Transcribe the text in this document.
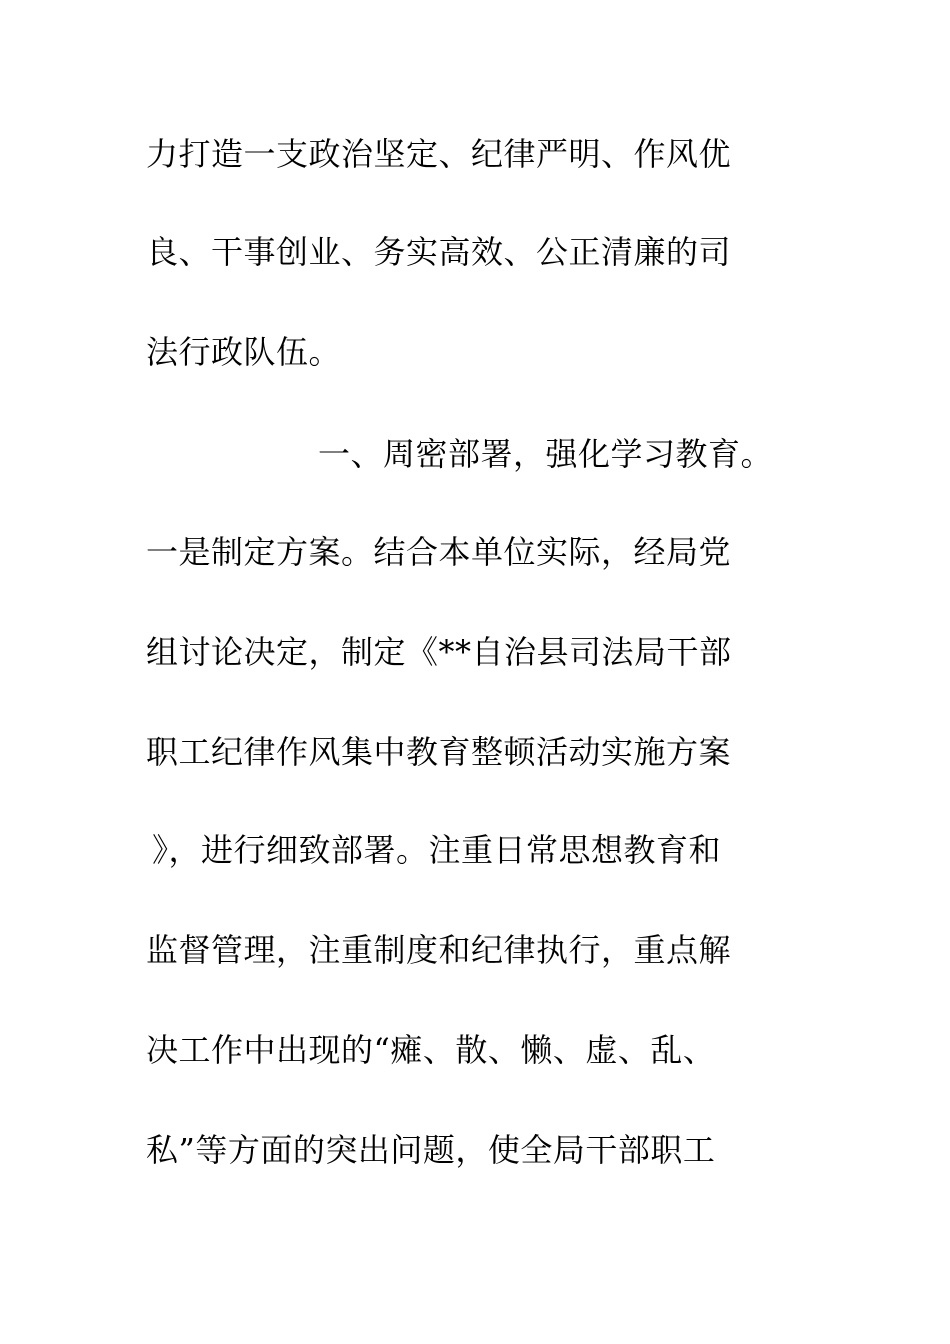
力打造一支政治坚定、纪律严明、作风优
良、干事创业、务实高效、公正清廉的司
法行政队伍。
一、周密部署，强化学习教育。
一是制定方案。结合本单位实际，经局党
组讨论决定，制定《**自治县司法局干部
职工纪律作风集中教育整顿活动实施方案
》，进行细致部署。注重日常思想教育和
监督管理，注重制度和纪律执行，重点解
决工作中出现的“瘫、散、懒、虚、乱、
私”等方面的突出问题，使全局干部职工
